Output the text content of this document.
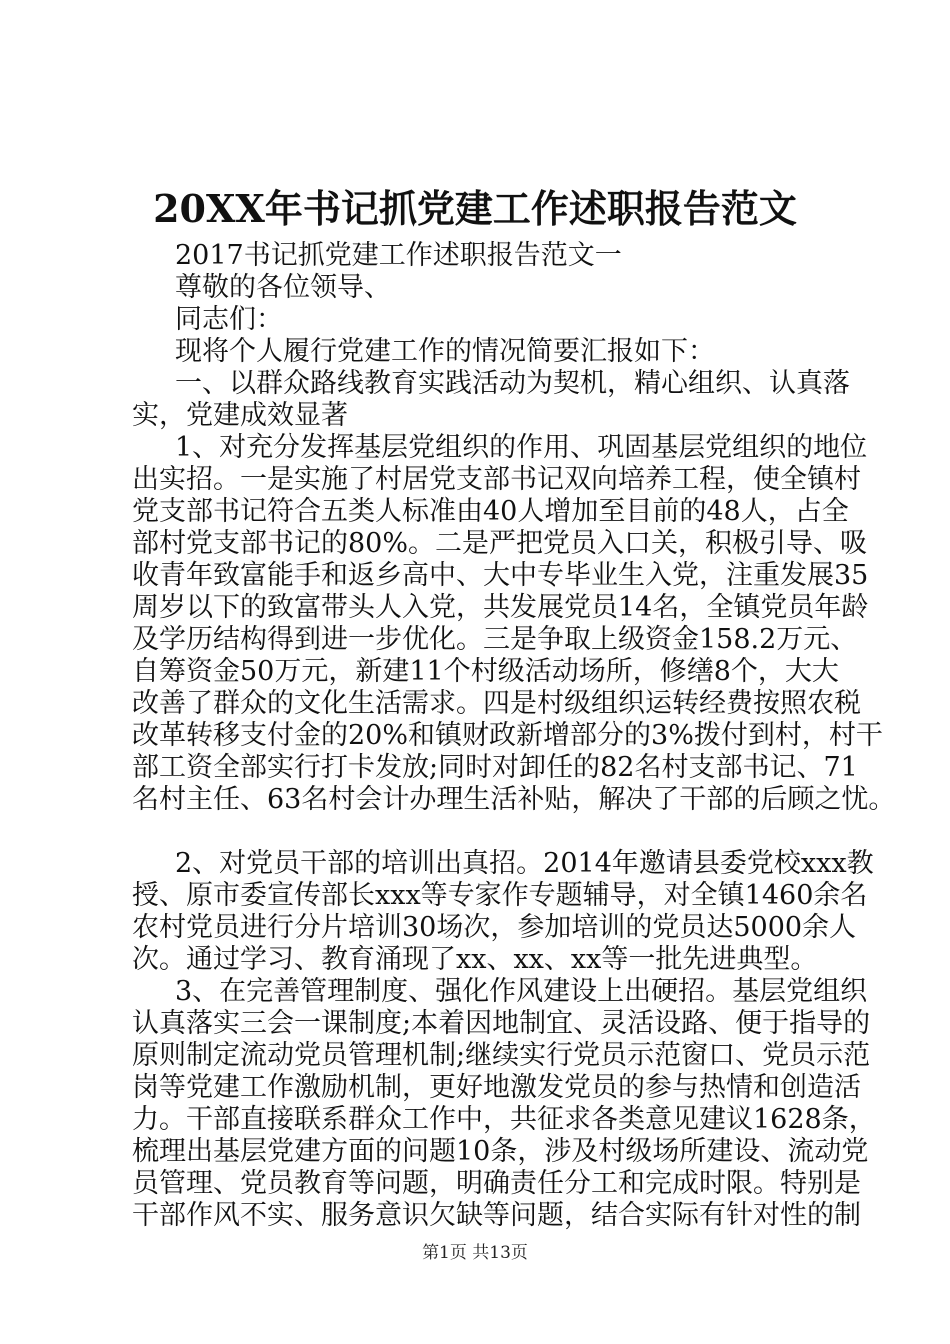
20XX年书记抓党建工作述职报告范文
2017书记抓党建工作述职报告范文一
尊敬的各位领导、
同志们：
现将个人履行党建工作的情况简要汇报如下：
一、以群众路线教育实践活动为契机，精心组织、认真落
实，党建成效显著
1、对充分发挥基层党组织的作用、巩固基层党组织的地位
出实招。一是实施了村居党支部书记双向培养工程，使全镇村
党支部书记符合五类人标准由40人增加至目前的48人，占全
部村党支部书记的80%。二是严把党员入口关，积极引导、吸
收青年致富能手和返乡高中、大中专毕业生入党，注重发展35
周岁以下的致富带头人入党，共发展党员14名，全镇党员年龄
及学历结构得到进一步优化。三是争取上级资金158.2万元、
自筹资金50万元，新建11个村级活动场所，修缮8个，大大
改善了群众的文化生活需求。四是村级组织运转经费按照农税
改革转移支付金的20%和镇财政新增部分的3%拨付到村，村干
部工资全部实行打卡发放;同时对卸任的82名村支部书记、71
名村主任、63名村会计办理生活补贴，解决了干部的后顾之忧。
2、对党员干部的培训出真招。2014年邀请县委党校xxx教
授、原市委宣传部长xxx等专家作专题辅导，对全镇1460余名
农村党员进行分片培训30场次，参加培训的党员达5000余人
次。通过学习、教育涌现了xx、xx、xx等一批先进典型。
3、在完善管理制度、强化作风建设上出硬招。基层党组织
认真落实三会一课制度;本着因地制宜、灵活设路、便于指导的
原则制定流动党员管理机制;继续实行党员示范窗口、党员示范
岗等党建工作激励机制，更好地激发党员的参与热情和创造活
力。干部直接联系群众工作中，共征求各类意见建议1628条，
梳理出基层党建方面的问题10条，涉及村级场所建设、流动党
员管理、党员教育等问题，明确责任分工和完成时限。特别是
干部作风不实、服务意识欠缺等问题，结合实际有针对性的制
第1页 共13页
